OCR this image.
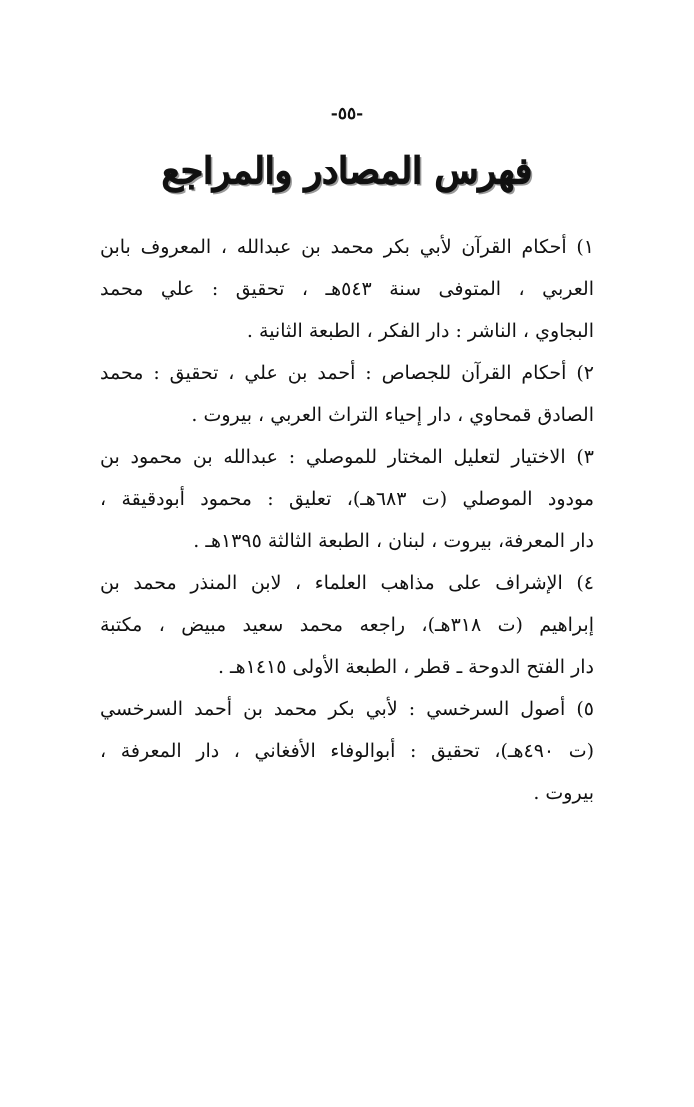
-٥٥-
فهرس المصادر والمراجع
١) أحكام القرآن لأبي بكر محمد بن عبدالله ، المعروف بابن
العربي ، المتوفى سنة ٥٤٣هـ ، تحقيق : علي محمد
البجاوي ، الناشر : دار الفكر ، الطبعة الثانية .
٢) أحكام القرآن للجصاص : أحمد بن علي ، تحقيق : محمد
الصادق قمحاوي ، دار إحياء التراث العربي ، بيروت .
٣) الاختيار لتعليل المختار للموصلي : عبدالله بن محمود بن
مودود الموصلي (ت ٦٨٣هـ)، تعليق : محمود أبودقيقة ،
دار المعرفة، بيروت ، لبنان ، الطبعة الثالثة ١٣٩٥هـ .
٤) الإشراف على مذاهب العلماء ، لابن المنذر محمد بن
إبراهيم (ت ٣١٨هـ)، راجعه محمد سعيد مبيض ، مكتبة
دار الفتح الدوحة ـ قطر ، الطبعة الأولى ١٤١٥هـ .
٥) أصول السرخسي : لأبي بكر محمد بن أحمد السرخسي
(ت ٤٩٠هـ)، تحقيق : أبوالوفاء الأفغاني ، دار المعرفة ،
بيروت .
